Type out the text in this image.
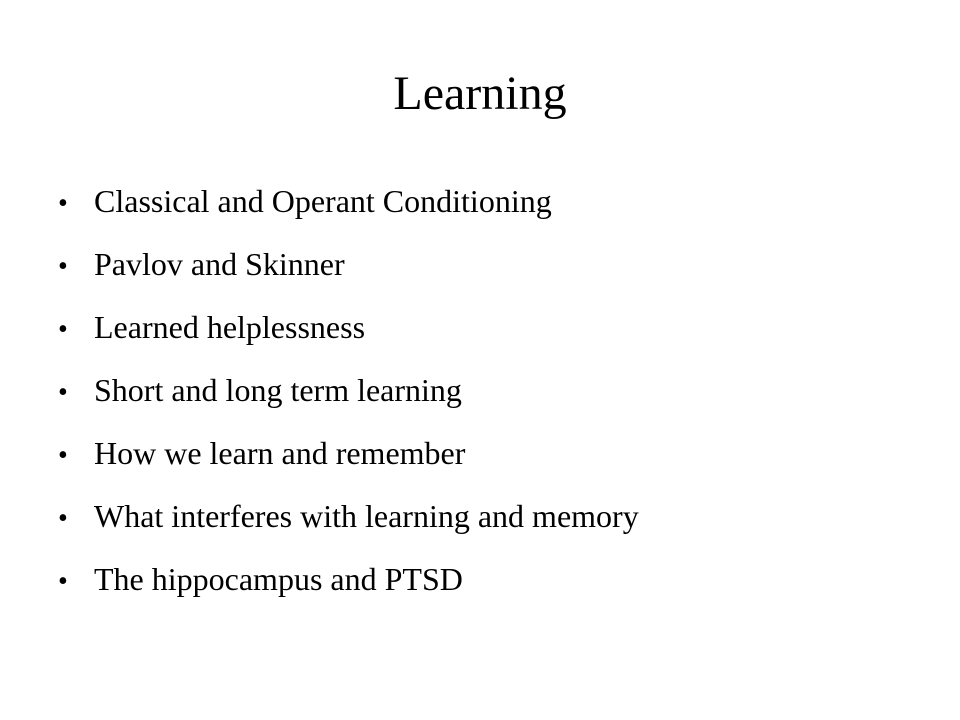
Learning
• Classical and Operant Conditioning
• Pavlov and Skinner
• Learned helplessness
• Short and long term learning
• How we learn and remember
• What interferes with learning and memory
• The hippocampus and PTSD
